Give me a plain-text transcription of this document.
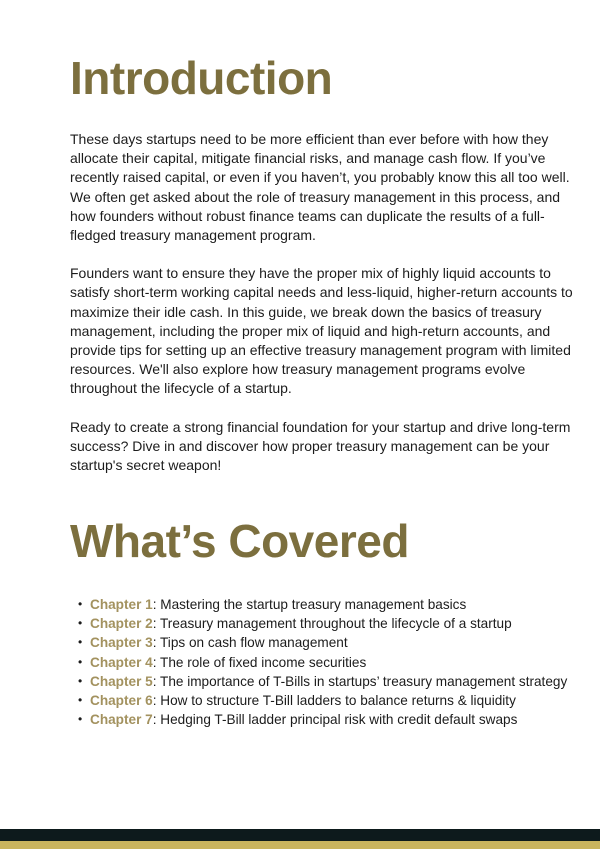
Introduction

These days startups need to be more efficient than ever before with how they allocate their capital, mitigate financial risks, and manage cash flow. If you’ve recently raised capital, or even if you haven’t, you probably know this all too well. We often get asked about the role of treasury management in this process, and how founders without robust finance teams can duplicate the results of a full-fledged treasury management program.

Founders want to ensure they have the proper mix of highly liquid accounts to satisfy short-term working capital needs and less-liquid, higher-return accounts to maximize their idle cash. In this guide, we break down the basics of treasury management, including the proper mix of liquid and high-return accounts, and provide tips for setting up an effective treasury management program with limited resources. We'll also explore how treasury management programs evolve throughout the lifecycle of a startup.

Ready to create a strong financial foundation for your startup and drive long-term success? Dive in and discover how proper treasury management can be your startup's secret weapon!

What’s Covered
• Chapter 1: Mastering the startup treasury management basics
• Chapter 2: Treasury management throughout the lifecycle of a startup
• Chapter 3: Tips on cash flow management
• Chapter 4: The role of fixed income securities
• Chapter 5: The importance of T-Bills in startups’ treasury management strategy
• Chapter 6: How to structure T-Bill ladders to balance returns & liquidity
• Chapter 7: Hedging T-Bill ladder principal risk with credit default swaps
